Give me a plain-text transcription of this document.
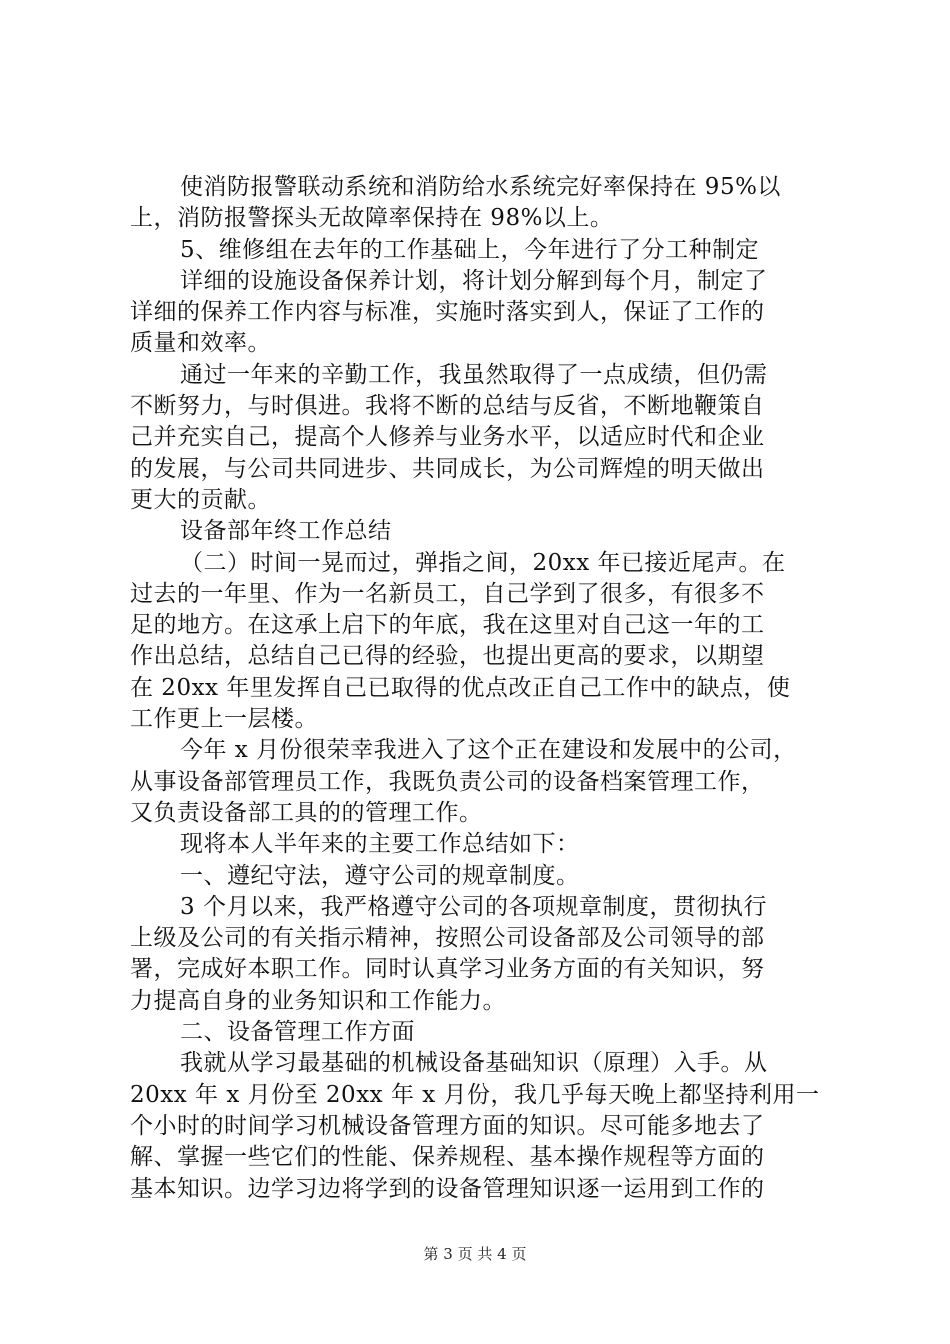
使消防报警联动系统和消防给水系统完好率保持在 95%以
上，消防报警探头无故障率保持在 98%以上。
5、维修组在去年的工作基础上，今年进行了分工种制定
详细的设施设备保养计划，将计划分解到每个月，制定了
详细的保养工作内容与标准，实施时落实到人，保证了工作的
质量和效率。
通过一年来的辛勤工作，我虽然取得了一点成绩，但仍需
不断努力，与时俱进。我将不断的总结与反省，不断地鞭策自
己并充实自己，提高个人修养与业务水平，以适应时代和企业
的发展，与公司共同进步、共同成长，为公司辉煌的明天做出
更大的贡献。
设备部年终工作总结
（二）时间一晃而过，弹指之间，20xx 年已接近尾声。在
过去的一年里、作为一名新员工，自己学到了很多，有很多不
足的地方。在这承上启下的年底，我在这里对自己这一年的工
作出总结，总结自己已得的经验，也提出更高的要求，以期望
在 20xx 年里发挥自己已取得的优点改正自己工作中的缺点，使
工作更上一层楼。
今年 x 月份很荣幸我进入了这个正在建设和发展中的公司，
从事设备部管理员工作，我既负责公司的设备档案管理工作，
又负责设备部工具的的管理工作。
现将本人半年来的主要工作总结如下：
一、遵纪守法，遵守公司的规章制度。
3 个月以来，我严格遵守公司的各项规章制度，贯彻执行
上级及公司的有关指示精神，按照公司设备部及公司领导的部
署，完成好本职工作。同时认真学习业务方面的有关知识，努
力提高自身的业务知识和工作能力。
二、设备管理工作方面
我就从学习最基础的机械设备基础知识（原理）入手。从
20xx 年 x 月份至 20xx 年 x 月份，我几乎每天晚上都坚持利用一
个小时的时间学习机械设备管理方面的知识。尽可能多地去了
解、掌握一些它们的性能、保养规程、基本操作规程等方面的
基本知识。边学习边将学到的设备管理知识逐一运用到工作的
第 3 页 共 4 页
